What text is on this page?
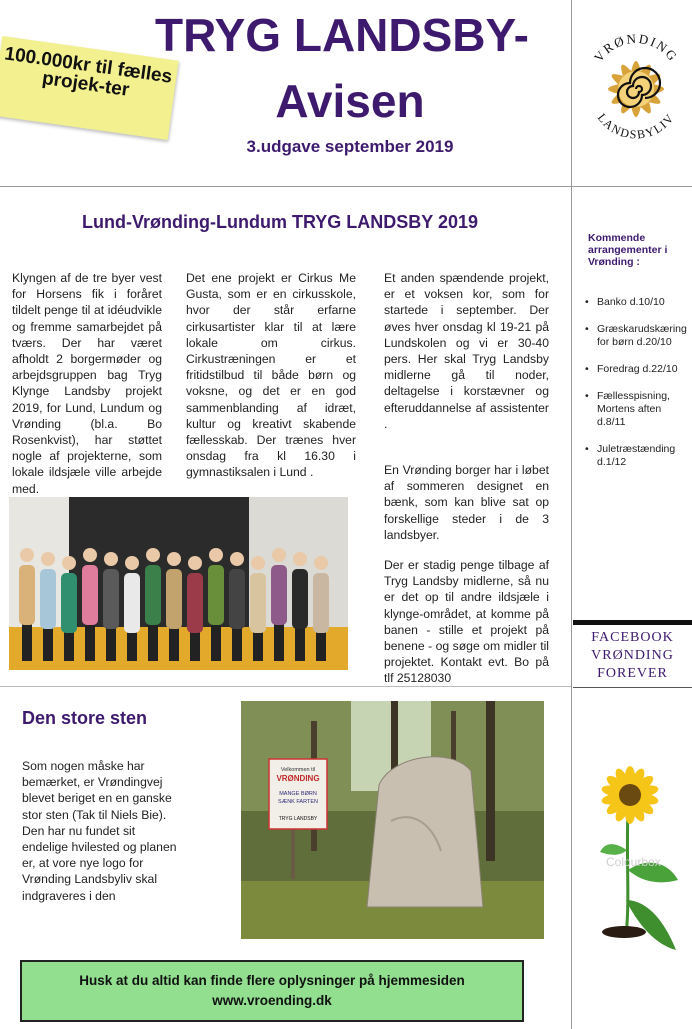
100.000kr til fælles projek-ter
TRYG LANDSBY-
Avisen
3.udgave september 2019
VRØNDING
LANDSBYLIV
Lund-Vrønding-Lundum TRYG LANDSBY 2019

Klyngen af de tre byer vest for Horsens fik i foråret tildelt penge til at idéudvikle og fremme samarbejdet på tværs. Der har været afholdt 2 borgermøder og arbejdsgruppen bag Tryg Klynge Landsby projekt 2019, for Lund, Lundum og Vrønding (bl.a. Bo Rosenkvist), har støttet nogle af projekterne, som lokale ildsjæle ville arbejde med.

Det ene projekt er Cirkus Me Gusta, som er en cirkusskole, hvor der står erfarne cirkusartister klar til at lære lokale om cirkus. Cirkustræningen er et fritidstilbud til både børn og voksne, og det er en god sammenblanding af idræt, kultur og kreativt skabende fællesskab. Der trænes hver onsdag fra kl 16.30 i gymnastiksalen i Lund .

Et anden spændende projekt, er et voksen kor, som for startede i september. Der øves hver onsdag kl 19-21 på Lundskolen og vi er 30-40 pers. Her skal Tryg Landsby midlerne gå til noder, deltagelse i korstævner og efteruddannelse af assistenter .

En Vrønding borger har i løbet af sommeren designet en bænk, som kan blive sat op forskellige steder i de 3 landsbyer.

Der er stadig penge tilbage af Tryg Landsby midlerne, så nu er det op til andre ildsjæle i klynge-området, at komme på banen - stille et projekt på benene - og søge om midler til projektet. Kontakt evt. Bo på tlf 25128030

Kommende arrangementer i Vrønding :
• Banko d.10/10
• Græskarudskæring for børn d.20/10
• Foredrag d.22/10
• Fællesspisning, Mortens aften d.8/11
• Juletræstænding d.1/12
FACEBOOK
VRØNDING
FOREVER
Colourbox
Den store sten

Som nogen måske har bemærket, er Vrøndingvej blevet beriget en en ganske stor sten (Tak til Niels Bie). Den har nu fundet sit endelige hvilested og planen er, at vore nye logo for Vrønding Landsbyliv skal indgraveres i den

Velkommen til
VRØNDING
MANGE BØRN
SÆNK FARTEN
TRYG LANDSBY
Husk at du altid kan finde flere oplysninger på hjemmesiden
www.vroending.dk
